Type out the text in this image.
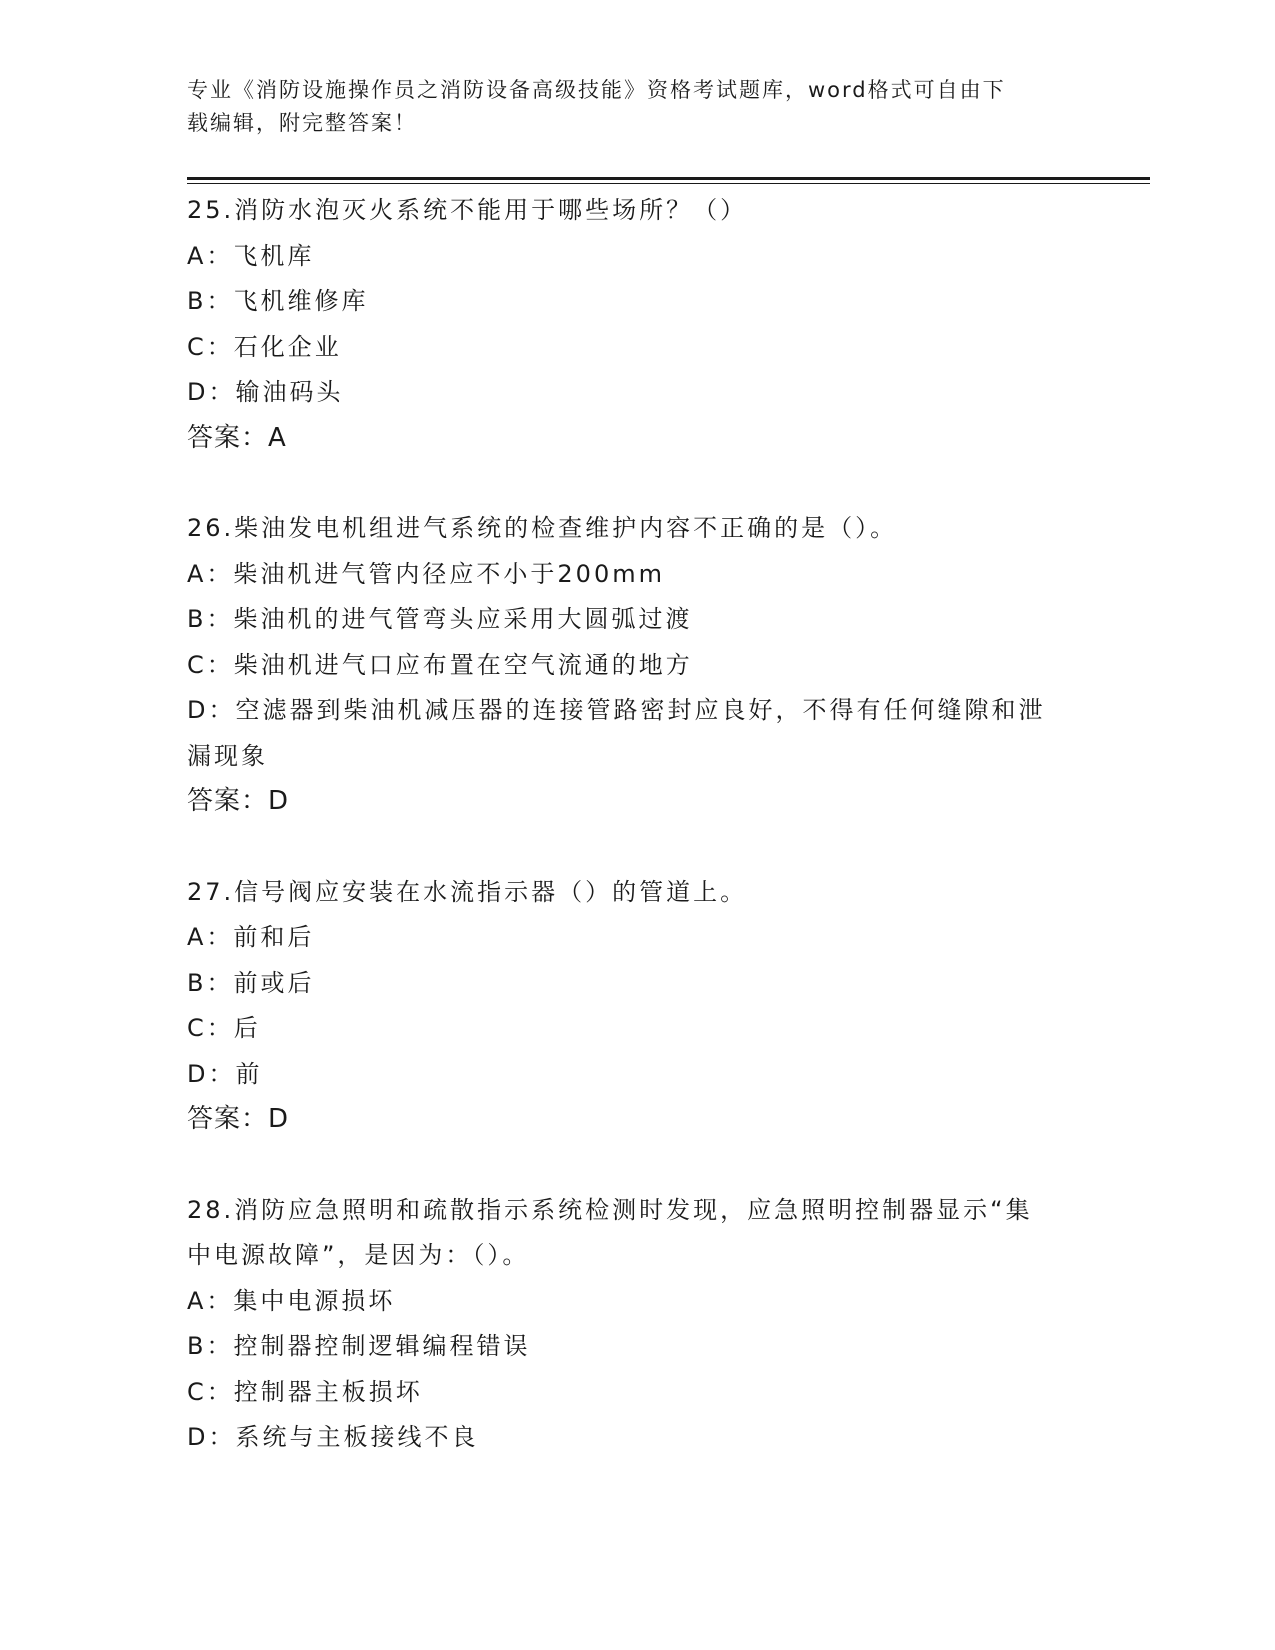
专业《消防设施操作员之消防设备高级技能》资格考试题库，word格式可自由下
载编辑，附完整答案！
25.消防水泡灭火系统不能用于哪些场所？（）
A：飞机库
B：飞机维修库
C：石化企业
D：输油码头
答案：A
26.柴油发电机组进气系统的检查维护内容不正确的是（）。
A：柴油机进气管内径应不小于200mm
B：柴油机的进气管弯头应采用大圆弧过渡
C：柴油机进气口应布置在空气流通的地方
D：空滤器到柴油机减压器的连接管路密封应良好，不得有任何缝隙和泄漏现象
答案：D
27.信号阀应安装在水流指示器（）的管道上。
A：前和后
B：前或后
C：后
D：前
答案：D
28.消防应急照明和疏散指示系统检测时发现，应急照明控制器显示“集中电源故障”，是因为：（）。
A：集中电源损坏
B：控制器控制逻辑编程错误
C：控制器主板损坏
D：系统与主板接线不良
